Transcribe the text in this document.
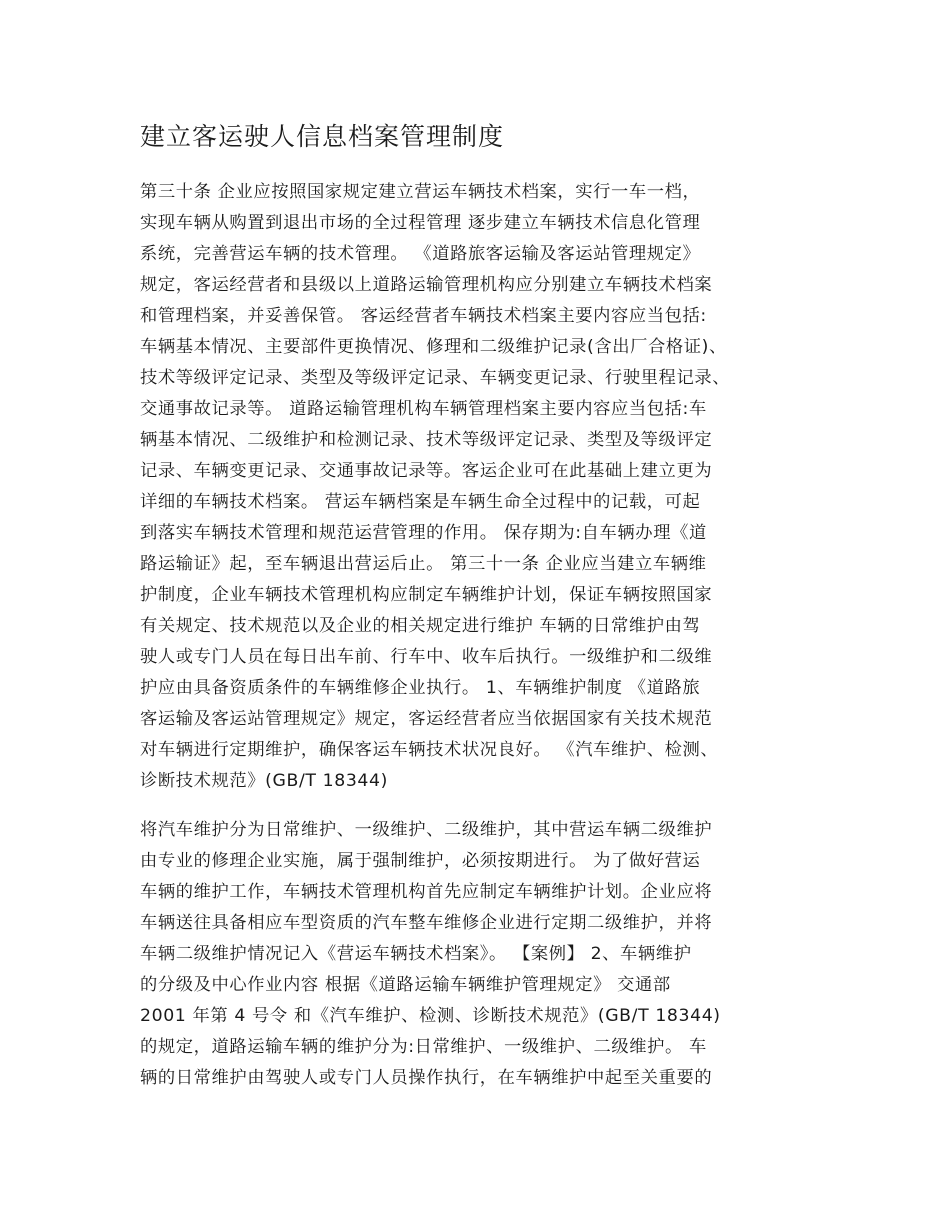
建立客运驶人信息档案管理制度
第三十条 企业应按照国家规定建立营运车辆技术档案，实行一车一档，
实现车辆从购置到退出市场的全过程管理 逐步建立车辆技术信息化管理
系统，完善营运车辆的技术管理。 《道路旅客运输及客运站管理规定》
规定，客运经营者和县级以上道路运输管理机构应分别建立车辆技术档案
和管理档案，并妥善保管。 客运经营者车辆技术档案主要内容应当包括:
车辆基本情况、主要部件更换情况、修理和二级维护记录(含出厂合格证)、
技术等级评定记录、类型及等级评定记录、车辆变更记录、行驶里程记录、
交通事故记录等。 道路运输管理机构车辆管理档案主要内容应当包括:车
辆基本情况、二级维护和检测记录、技术等级评定记录、类型及等级评定
记录、车辆变更记录、交通事故记录等。客运企业可在此基础上建立更为
详细的车辆技术档案。 营运车辆档案是车辆生命全过程中的记载，可起
到落实车辆技术管理和规范运营管理的作用。 保存期为:自车辆办理《道
路运输证》起，至车辆退出营运后止。 第三十一条 企业应当建立车辆维
护制度，企业车辆技术管理机构应制定车辆维护计划，保证车辆按照国家
有关规定、技术规范以及企业的相关规定进行维护 车辆的日常维护由驾
驶人或专门人员在每日出车前、行车中、收车后执行。一级维护和二级维
护应由具备资质条件的车辆维修企业执行。 1、车辆维护制度 《道路旅
客运输及客运站管理规定》规定，客运经营者应当依据国家有关技术规范
对车辆进行定期维护，确保客运车辆技术状况良好。 《汽车维护、检测、
诊断技术规范》(GB/T 18344)
将汽车维护分为日常维护、一级维护、二级维护，其中营运车辆二级维护
由专业的修理企业实施，属于强制维护，必须按期进行。 为了做好营运
车辆的维护工作，车辆技术管理机构首先应制定车辆维护计划。企业应将
车辆送往具备相应车型资质的汽车整车维修企业进行定期二级维护，并将
车辆二级维护情况记入《营运车辆技术档案》。 【案例】 2、车辆维护
的分级及中心作业内容 根据《道路运输车辆维护管理规定》 交通部
2001 年第 4 号令 和《汽车维护、检测、诊断技术规范》(GB/T 18344)
的规定，道路运输车辆的维护分为:日常维护、一级维护、二级维护。 车
辆的日常维护由驾驶人或专门人员操作执行，在车辆维护中起至关重要的
